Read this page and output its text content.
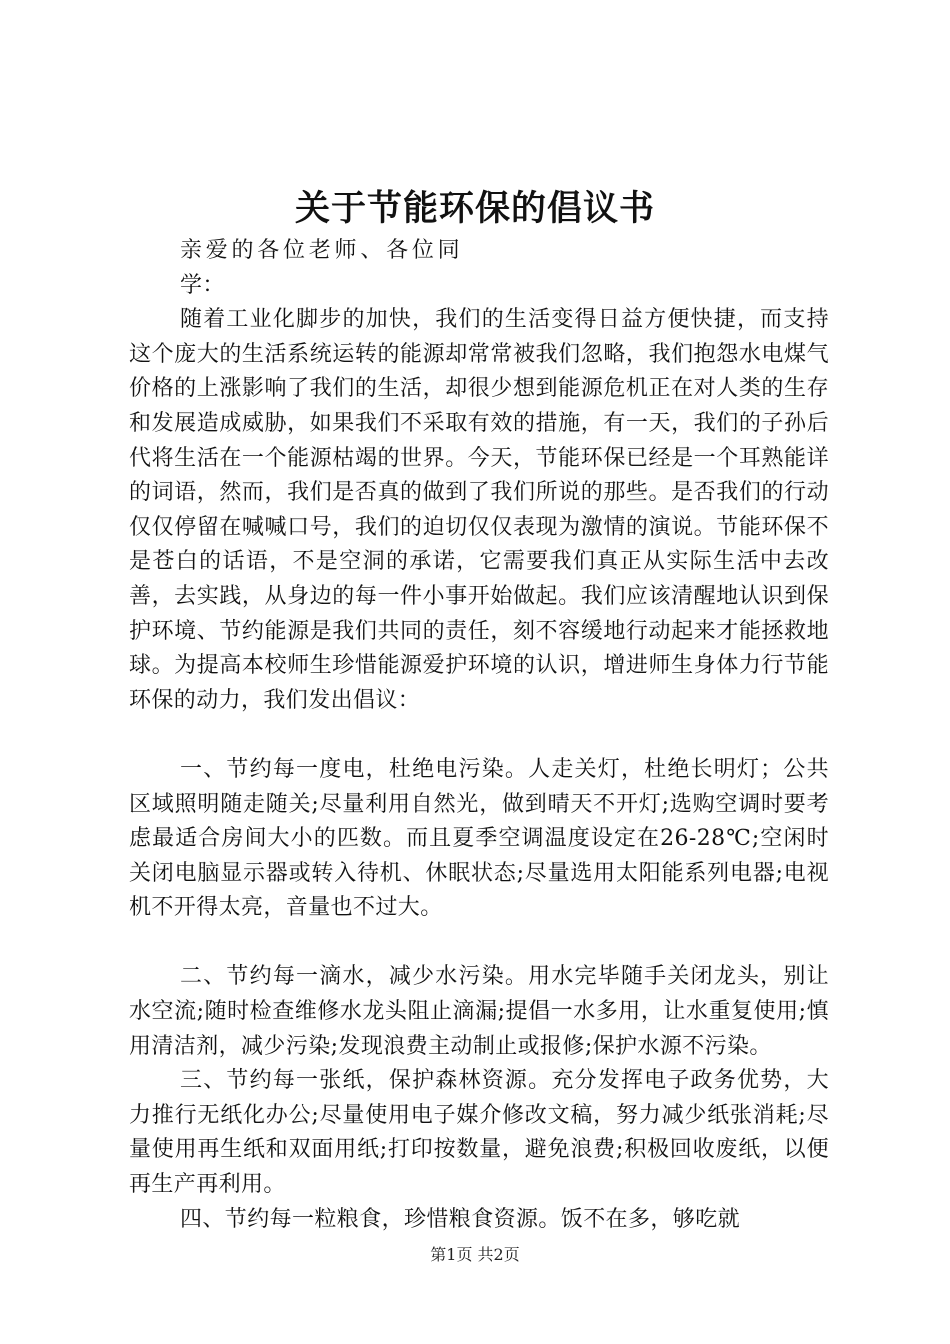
关于节能环保的倡议书

亲爱的各位老师、各位同学：

随着工业化脚步的加快，我们的生活变得日益方便快捷，而支持这个庞大的生活系统运转的能源却常常被我们忽略，我们抱怨水电煤气价格的上涨影响了我们的生活，却很少想到能源危机正在对人类的生存和发展造成威胁，如果我们不采取有效的措施，有一天，我们的子孙后代将生活在一个能源枯竭的世界。今天，节能环保已经是一个耳熟能详的词语，然而，我们是否真的做到了我们所说的那些。是否我们的行动仅仅停留在喊喊口号，我们的迫切仅仅表现为激情的演说。节能环保不是苍白的话语，不是空洞的承诺，它需要我们真正从实际生活中去改善，去实践，从身边的每一件小事开始做起。我们应该清醒地认识到保护环境、节约能源是我们共同的责任，刻不容缓地行动起来才能拯救地球。为提高本校师生珍惜能源爱护环境的认识，增进师生身体力行节能环保的动力，我们发出倡议：

一、节约每一度电，杜绝电污染。人走关灯，杜绝长明灯；公共区域照明随走随关;尽量利用自然光，做到晴天不开灯;选购空调时要考虑最适合房间大小的匹数。而且夏季空调温度设定在26-28℃;空闲时关闭电脑显示器或转入待机、休眠状态;尽量选用太阳能系列电器;电视机不开得太亮，音量也不过大。

二、节约每一滴水，减少水污染。用水完毕随手关闭龙头，别让水空流;随时检查维修水龙头阻止滴漏;提倡一水多用，让水重复使用;慎用清洁剂，减少污染;发现浪费主动制止或报修;保护水源不污染。

三、节约每一张纸，保护森林资源。充分发挥电子政务优势，大力推行无纸化办公;尽量使用电子媒介修改文稿，努力减少纸张消耗;尽量使用再生纸和双面用纸;打印按数量，避免浪费;积极回收废纸，以便再生产再利用。

四、节约每一粒粮食，珍惜粮食资源。饭不在多，够吃就

第1页 共2页
